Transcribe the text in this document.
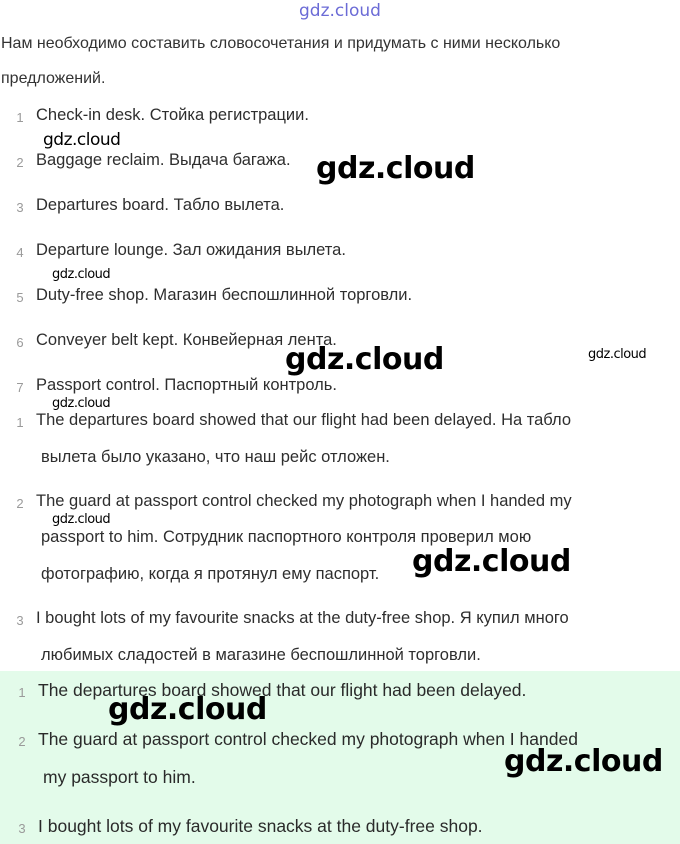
gdz.cloud
Нам необходимо составить словосочетания и придумать с ними несколько
предложений.
1 Check-in desk. Стойка регистрации.
2 Baggage reclaim. Выдача багажа.
3 Departures board. Табло вылета.
4 Departure lounge. Зал ожидания вылета.
5 Duty-free shop. Магазин беспошлинной торговли.
6 Conveyer belt kept. Конвейерная лента.
7 Passport control. Паспортный контроль.
1 The departures board showed that our flight had been delayed. На табло
вылета было указано, что наш рейс отложен.
2 The guard at passport control checked my photograph when I handed my
passport to him. Сотрудник паспортного контроля проверил мою
фотографию, когда я протянул ему паспорт.
3 I bought lots of my favourite snacks at the duty-free shop. Я купил много
любимых сладостей в магазине беспошлинной торговли.
1 The departures board showed that our flight had been delayed.
2 The guard at passport control checked my photograph when I handed
my passport to him.
3 I bought lots of my favourite snacks at the duty-free shop.
gdz.cloud
gdz.cloud
gdz.cloud
gdz.cloud	gdz.cloud
gdz.cloud
gdz.cloud
gdz.cloud
gdz.cloud
gdz.cloud
